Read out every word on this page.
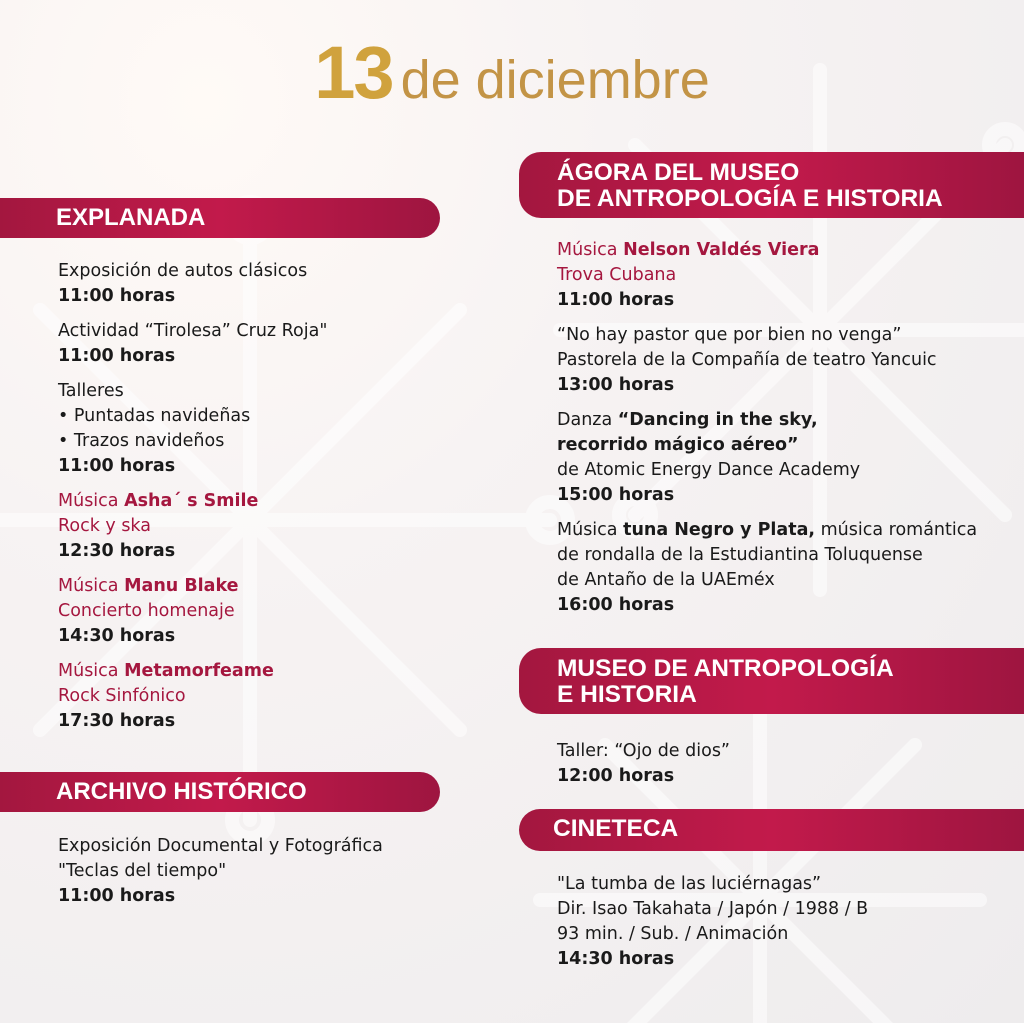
13 de diciembre
EXPLANADA
Exposición de autos clásicos
11:00 horas
Actividad “Tirolesa” Cruz Roja"
11:00 horas
Talleres
• Puntadas navideñas
• Trazos navideños
11:00 horas
Música Asha´ s Smile
Rock y ska
12:30 horas
Música Manu Blake
Concierto homenaje
14:30 horas
Música Metamorfeame
Rock Sinfónico
17:30 horas
ARCHIVO HISTÓRICO
Exposición Documental y Fotográfica
"Teclas del tiempo"
11:00 horas
ÁGORA DEL MUSEO
DE ANTROPOLOGÍA E HISTORIA
Música Nelson Valdés Viera
Trova Cubana
11:00 horas
“No hay pastor que por bien no venga”
Pastorela de la Compañía de teatro Yancuic
13:00 horas
Danza “Dancing in the sky,
recorrido mágico aéreo”
de Atomic Energy Dance Academy
15:00 horas
Música tuna Negro y Plata, música romántica
de rondalla de la Estudiantina Toluquense
de Antaño de la UAEméx
16:00 horas
MUSEO DE ANTROPOLOGÍA
E HISTORIA
Taller: “Ojo de dios”
12:00 horas
CINETECA
"La tumba de las luciérnagas”
Dir. Isao Takahata / Japón / 1988 / B
93 min. / Sub. / Animación
14:30 horas
